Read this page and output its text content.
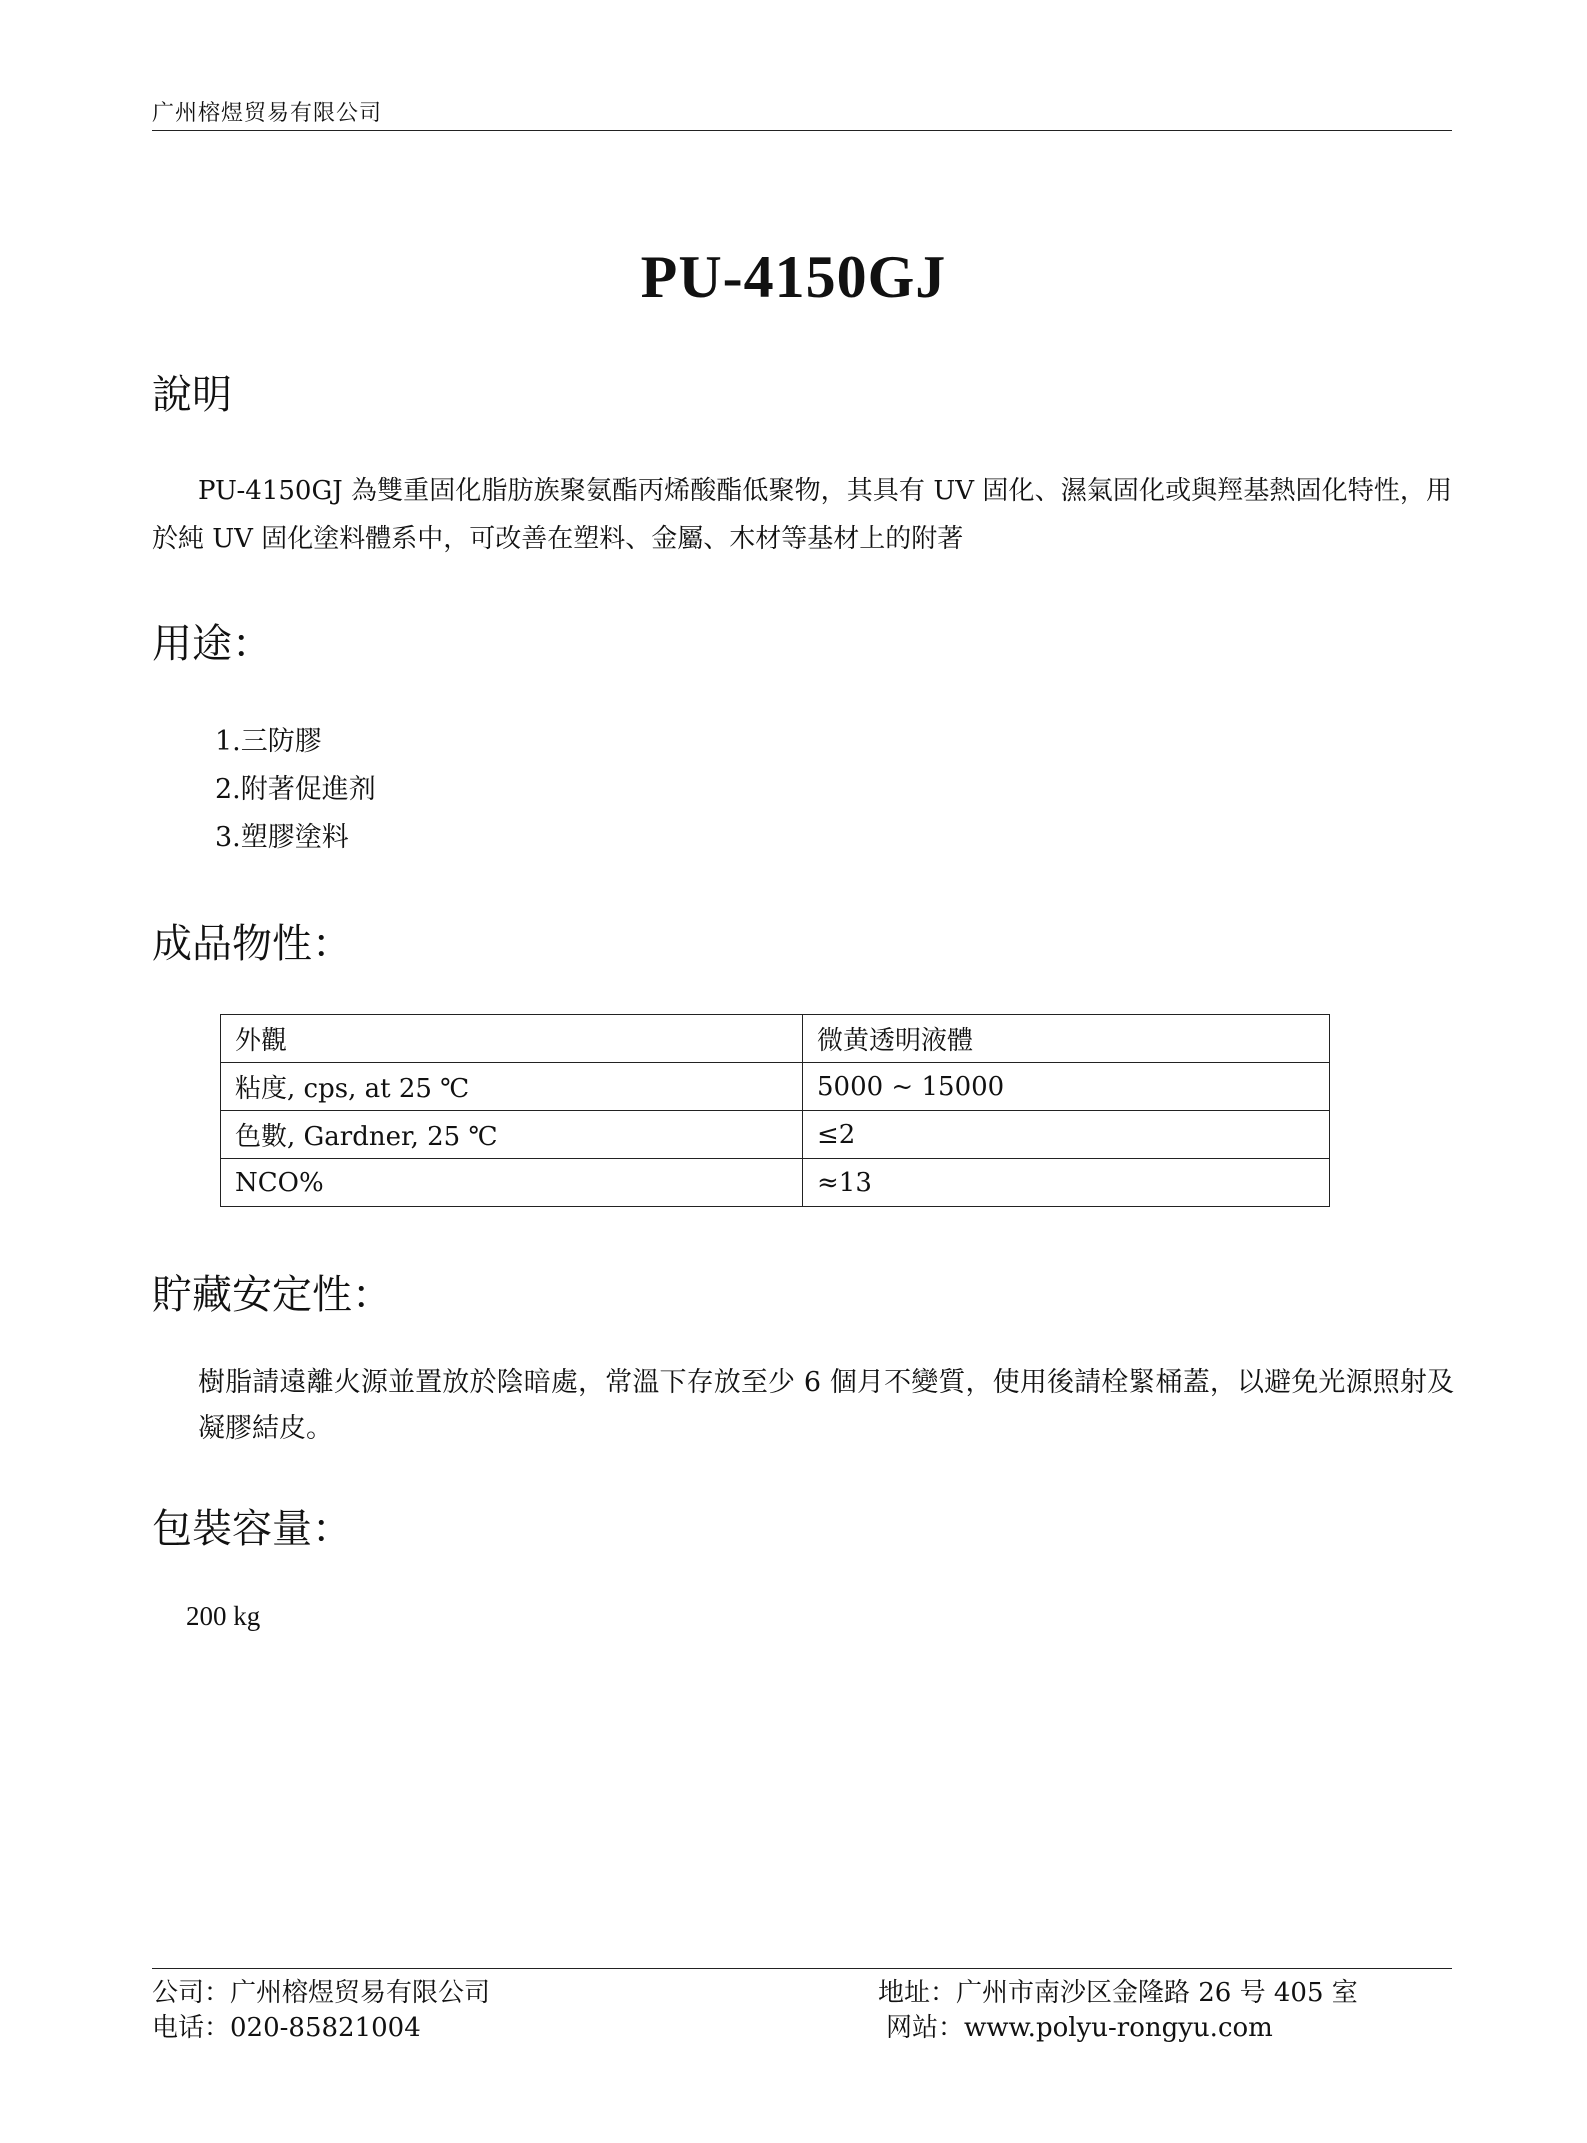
广州榕煜贸易有限公司
PU-4150GJ
說明
PU-4150GJ 為雙重固化脂肪族聚氨酯丙烯酸酯低聚物，其具有 UV 固化、濕氣固化或與羥基熱固化特性，用於純 UV 固化塗料體系中，可改善在塑料、金屬、木材等基材上的附著
用途：
1.三防膠
2.附著促進剂
3.塑膠塗料
成品物性：
外觀	微黄透明液體
粘度, cps, at 25 ℃	5000 ~ 15000
色數, Gardner, 25 ℃	≤2
NCO%	≈13
貯藏安定性：
樹脂請遠離火源並置放於陰暗處，常溫下存放至少 6 個月不變質，使用後請栓緊桶蓋，以避免光源照射及凝膠結皮。
包裝容量：
200 kg
公司：广州榕煜贸易有限公司
电话：020-85821004
地址：广州市南沙区金隆路 26 号 405 室
网站：www.polyu-rongyu.com
